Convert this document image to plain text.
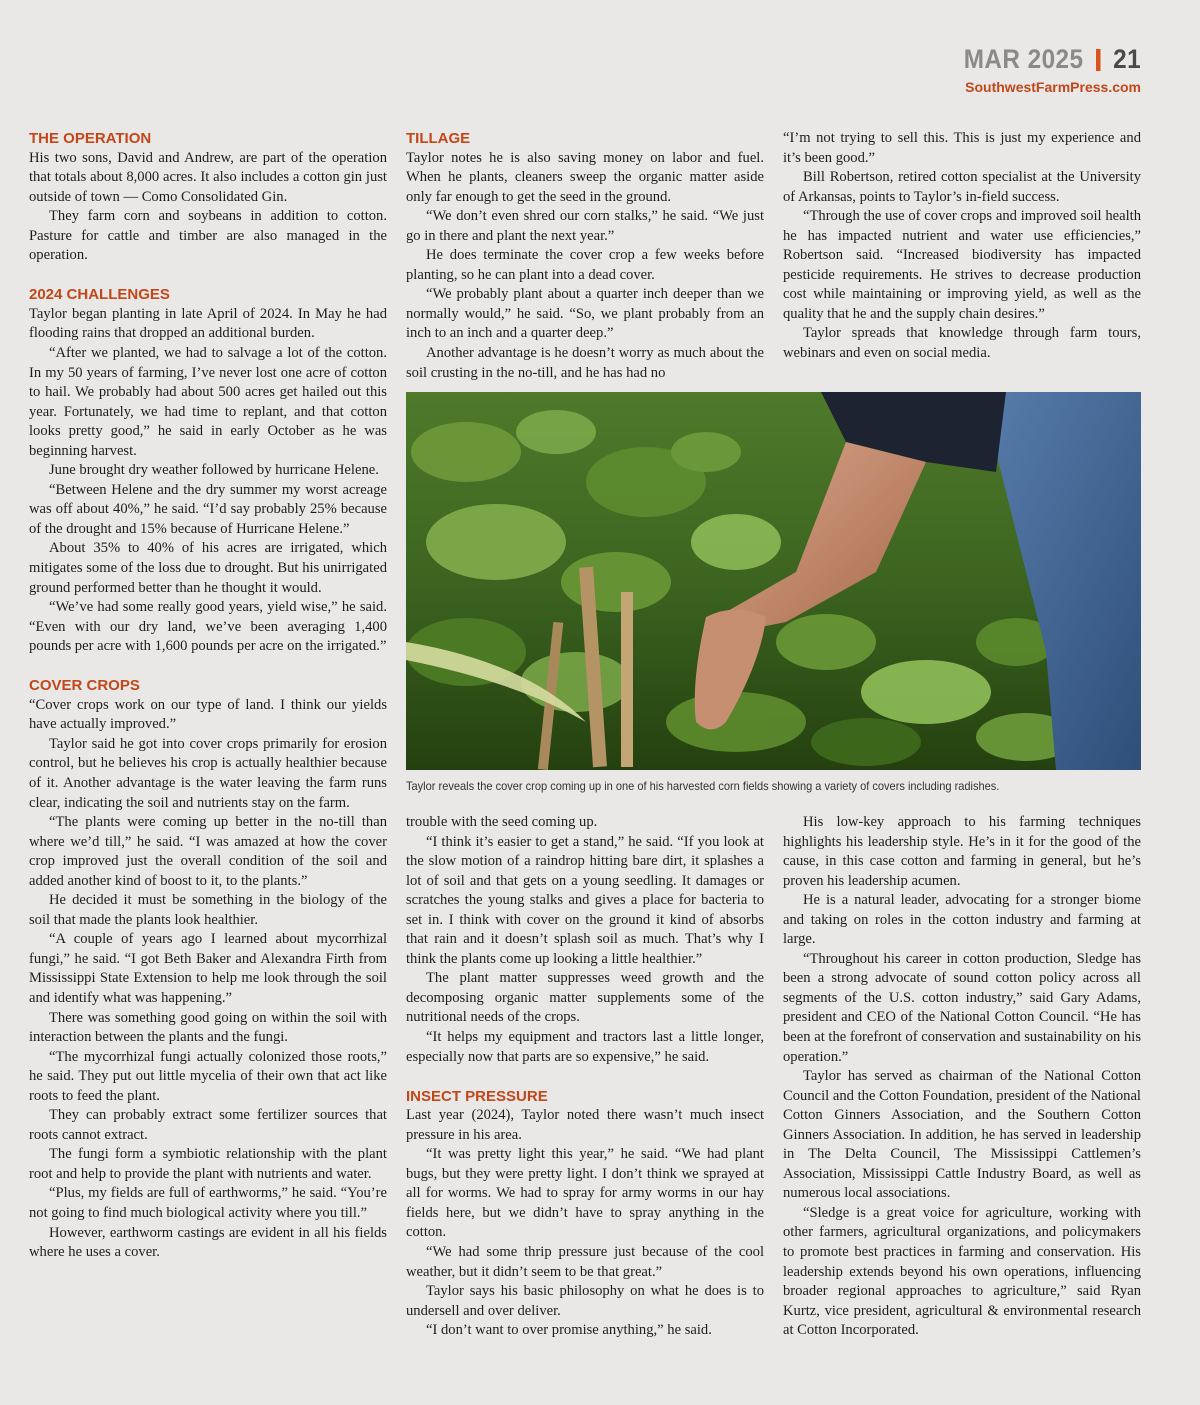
MAR 2025 21
SouthwestFarmPress.com
THE OPERATION

His two sons, David and Andrew, are part of the operation that totals about 8,000 acres. It also includes a cotton gin just outside of town — Como Consolidated Gin.

They farm corn and soybeans in addition to cotton. Pasture for cattle and timber are also managed in the operation.

2024 CHALLENGES

Taylor began planting in late April of 2024. In May he had flooding rains that dropped an additional burden.

“After we planted, we had to salvage a lot of the cotton. In my 50 years of farming, I’ve never lost one acre of cotton to hail. We probably had about 500 acres get hailed out this year. Fortunately, we had time to replant, and that cotton looks pretty good,” he said in early October as he was beginning harvest.

June brought dry weather followed by hurricane Helene.

“Between Helene and the dry summer my worst acreage was off about 40%,” he said. “I’d say probably 25% because of the drought and 15% because of Hurricane Helene.”

About 35% to 40% of his acres are irrigated, which mitigates some of the loss due to drought. But his unirrigated ground performed better than he thought it would.

“We’ve had some really good years, yield wise,” he said. “Even with our dry land, we’ve been averaging 1,400 pounds per acre with 1,600 pounds per acre on the irrigated.”

COVER CROPS

“Cover crops work on our type of land. I think our yields have actually improved.”

Taylor said he got into cover crops primarily for erosion control, but he believes his crop is actually healthier because of it. Another advantage is the water leaving the farm runs clear, indicating the soil and nutrients stay on the farm.

“The plants were coming up better in the no-till than where we’d till,” he said. “I was amazed at how the cover crop improved just the overall condition of the soil and added another kind of boost to it, to the plants.”

He decided it must be something in the biology of the soil that made the plants look healthier.

“A couple of years ago I learned about mycorrhizal fungi,” he said. “I got Beth Baker and Alexandra Firth from Mississippi State Extension to help me look through the soil and identify what was happening.”

There was something good going on within the soil with interaction between the plants and the fungi.

“The mycorrhizal fungi actually colonized those roots,” he said. They put out little mycelia of their own that act like roots to feed the plant.

They can probably extract some fertilizer sources that roots cannot extract.

The fungi form a symbiotic relationship with the plant root and help to provide the plant with nutrients and water.

“Plus, my fields are full of earthworms,” he said. “You’re not going to find much biological activity where you till.”

However, earthworm castings are evident in all his fields where he uses a cover.

TILLAGE

Taylor notes he is also saving money on labor and fuel. When he plants, cleaners sweep the organic matter aside only far enough to get the seed in the ground.

“We don’t even shred our corn stalks,” he said. “We just go in there and plant the next year.”

He does terminate the cover crop a few weeks before planting, so he can plant into a dead cover.

“We probably plant about a quarter inch deeper than we normally would,” he said. “So, we plant probably from an inch to an inch and a quarter deep.”

Another advantage is he doesn’t worry as much about the soil crusting in the no-till, and he has had no

“I’m not trying to sell this. This is just my experience and it’s been good.”

Bill Robertson, retired cotton specialist at the University of Arkansas, points to Taylor’s in-field success.

“Through the use of cover crops and improved soil health he has impacted nutrient and water use efficiencies,” Robertson said. “Increased biodiversity has impacted pesticide requirements. He strives to decrease production cost while maintaining or improving yield, as well as the quality that he and the supply chain desires.”

Taylor spreads that knowledge through farm tours, webinars and even on social media.

Taylor reveals the cover crop coming up in one of his harvested corn fields showing a variety of covers including radishes.

trouble with the seed coming up.

“I think it’s easier to get a stand,” he said. “If you look at the slow motion of a raindrop hitting bare dirt, it splashes a lot of soil and that gets on a young seedling. It damages or scratches the young stalks and gives a place for bacteria to set in. I think with cover on the ground it kind of absorbs that rain and it doesn’t splash soil as much. That’s why I think the plants come up looking a little healthier.”

The plant matter suppresses weed growth and the decomposing organic matter supplements some of the nutritional needs of the crops.

“It helps my equipment and tractors last a little longer, especially now that parts are so expensive,” he said.

INSECT PRESSURE

Last year (2024), Taylor noted there wasn’t much insect pressure in his area.

“It was pretty light this year,” he said. “We had plant bugs, but they were pretty light. I don’t think we sprayed at all for worms. We had to spray for army worms in our hay fields here, but we didn’t have to spray anything in the cotton.

“We had some thrip pressure just because of the cool weather, but it didn’t seem to be that great.”

Taylor says his basic philosophy on what he does is to undersell and over deliver.

“I don’t want to over promise anything,” he said.

His low-key approach to his farming techniques highlights his leadership style. He’s in it for the good of the cause, in this case cotton and farming in general, but he’s proven his leadership acumen.

He is a natural leader, advocating for a stronger biome and taking on roles in the cotton industry and farming at large.

“Throughout his career in cotton production, Sledge has been a strong advocate of sound cotton policy across all segments of the U.S. cotton industry,” said Gary Adams, president and CEO of the National Cotton Council. “He has been at the forefront of conservation and sustainability on his operation.”

Taylor has served as chairman of the National Cotton Council and the Cotton Foundation, president of the National Cotton Ginners Association, and the Southern Cotton Ginners Association. In addition, he has served in leadership in The Delta Council, The Mississippi Cattlemen’s Association, Mississippi Cattle Industry Board, as well as numerous local associations.

“Sledge is a great voice for agriculture, working with other farmers, agricultural organizations, and policymakers to promote best practices in farming and conservation. His leadership extends beyond his own operations, influencing broader regional approaches to agriculture,” said Ryan Kurtz, vice president, agricultural & environmental research at Cotton Incorporated.
